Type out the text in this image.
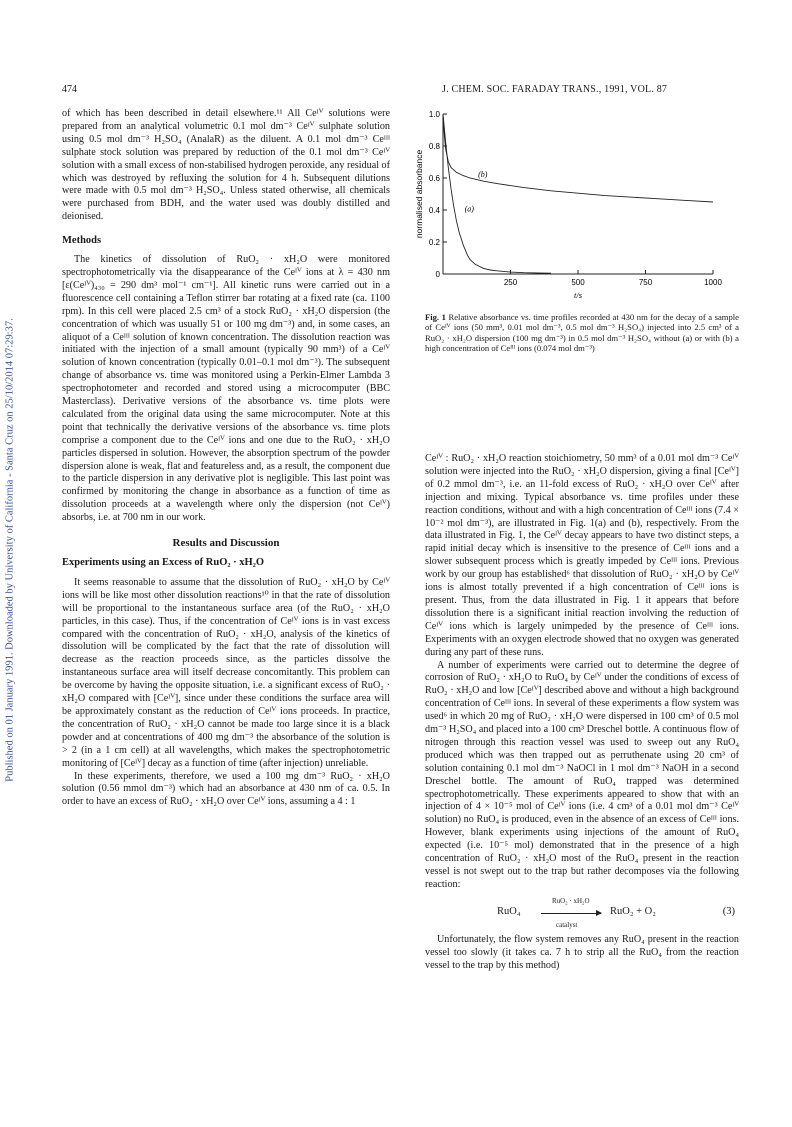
474	J. CHEM. SOC. FARADAY TRANS., 1991, VOL. 87
Published on 01 January 1991. Downloaded by University of California - Santa Cruz on 25/10/2014 07:29:37.

of which has been described in detail elsewhere.¹¹ All Ceᴵⱽ solutions were prepared from an analytical volumetric 0.1 mol dm⁻³ Ceᴵⱽ sulphate solution using 0.5 mol dm⁻³ H₂SO₄ (AnalaR) as the diluent. A 0.1 mol dm⁻³ Ceᴵᴵᴵ sulphate stock solution was prepared by reduction of the 0.1 mol dm⁻³ Ceᴵⱽ solution with a small excess of non-stabilised hydrogen peroxide, any residual of which was destroyed by refluxing the solution for 4 h. Subsequent dilutions were made with 0.5 mol dm⁻³ H₂SO₄. Unless stated otherwise, all chemicals were purchased from BDH, and the water used was doubly distilled and deionised.

Methods

The kinetics of dissolution of RuO₂ · xH₂O were monitored spectrophotometrically via the disappearance of the Ceᴵⱽ ions at λ = 430 nm [ε(Ceᴵⱽ)₄₃₀ = 290 dm³ mol⁻¹ cm⁻¹]. All kinetic runs were carried out in a fluorescence cell containing a Teflon stirrer bar rotating at a fixed rate (ca. 1100 rpm). In this cell were placed 2.5 cm³ of a stock RuO₂ · xH₂O dispersion (the concentration of which was usually 51 or 100 mg dm⁻³) and, in some cases, an aliquot of a Ceᴵᴵᴵ solution of known concentration. The dissolution reaction was initiated with the injection of a small amount (typically 90 mm³) of a Ceᴵⱽ solution of known concentration (typically 0.01–0.1 mol dm⁻³). The subsequent change of absorbance vs. time was monitored using a Perkin-Elmer Lambda 3 spectrophotometer and recorded and stored using a microcomputer (BBC Masterclass). Derivative versions of the absorbance vs. time plots were calculated from the original data using the same microcomputer. Note at this point that technically the derivative versions of the absorbance vs. time plots comprise a component due to the Ceᴵⱽ ions and one due to the RuO₂ · xH₂O particles dispersed in solution. However, the absorption spectrum of the powder dispersion alone is weak, flat and featureless and, as a result, the component due to the particle dispersion in any derivative plot is negligible. This last point was confirmed by monitoring the change in absorbance as a function of time as dissolution proceeds at a wavelength where only the dispersion (not Ceᴵⱽ) absorbs, i.e. at 700 nm in our work.

Results and Discussion
Experiments using an Excess of RuO₂ · xH₂O

It seems reasonable to assume that the dissolution of RuO₂ · xH₂O by Ceᴵⱽ ions will be like most other dissolution reactions¹⁰ in that the rate of dissolution will be proportional to the instantaneous surface area (of the RuO₂ · xH₂O particles, in this case). Thus, if the concentration of Ceᴵⱽ ions is in vast excess compared with the concentration of RuO₂ · xH₂O, analysis of the kinetics of dissolution will be complicated by the fact that the rate of dissolution will decrease as the reaction proceeds since, as the particles dissolve the instantaneous surface area will itself decrease concomitantly. This problem can be overcome by having the opposite situation, i.e. a significant excess of RuO₂ · xH₂O compared with [Ceᴵⱽ], since under these conditions the surface area will be approximately constant as the reduction of Ceᴵⱽ ions proceeds. In practice, the concentration of RuO₂ · xH₂O cannot be made too large since it is a black powder and at concentrations of 400 mg dm⁻³ the absorbance of the solution is > 2 (in a 1 cm cell) at all wavelengths, which makes the spectrophotometric monitoring of [Ceᴵⱽ] decay as a function of time (after injection) unreliable.

In these experiments, therefore, we used a 100 mg dm⁻³ RuO₂ · xH₂O solution (0.56 mmol dm⁻³) which had an absorbance at 430 nm of ca. 0.5. In order to have an excess of RuO₂ · xH₂O over Ceᴵⱽ ions, assuming a 4 : 1

0
0.2
0.4
0.6
0.8
1.0
250	500	750	1000
normalised absorbance
t/s
(b)
(a)
Fig. 1 Relative absorbance vs. time profiles recorded at 430 nm for the decay of a sample of Ceᴵⱽ ions (50 mm³, 0.01 mol dm⁻³, 0.5 mol dm⁻³ H₂SO₄) injected into 2.5 cm³ of a RuO₂ · xH₂O dispersion (100 mg dm⁻³) in 0.5 mol dm⁻³ H₂SO₄ without (a) or with (b) a high concentration of Ceᴵᴵᴵ ions (0.074 mol dm⁻³)

Ceᴵⱽ : RuO₂ · xH₂O reaction stoichiometry, 50 mm³ of a 0.01 mol dm⁻³ Ceᴵⱽ solution were injected into the RuO₂ · xH₂O dispersion, giving a final [Ceᴵⱽ] of 0.2 mmol dm⁻³, i.e. an 11-fold excess of RuO₂ · xH₂O over Ceᴵⱽ after injection and mixing. Typical absorbance vs. time profiles under these reaction conditions, without and with a high concentration of Ceᴵᴵᴵ ions (7.4 × 10⁻² mol dm⁻³), are illustrated in Fig. 1(a) and (b), respectively. From the data illustrated in Fig. 1, the Ceᴵⱽ decay appears to have two distinct steps, a rapid initial decay which is insensitive to the presence of Ceᴵᴵᴵ ions and a slower subsequent process which is greatly impeded by Ceᴵᴵᴵ ions. Previous work by our group has established⁶ that dissolution of RuO₂ · xH₂O by Ceᴵⱽ ions is almost totally prevented if a high concentration of Ceᴵᴵᴵ ions is present. Thus, from the data illustrated in Fig. 1 it appears that before dissolution there is a significant initial reaction involving the reduction of Ceᴵⱽ ions which is largely unimpeded by the presence of Ceᴵᴵᴵ ions. Experiments with an oxygen electrode showed that no oxygen was generated during any part of these runs.

A number of experiments were carried out to determine the degree of corrosion of RuO₂ · xH₂O to RuO₄ by Ceᴵⱽ under the conditions of excess of RuO₂ · xH₂O and low [Ceᴵⱽ] described above and without a high background concentration of Ceᴵᴵᴵ ions. In several of these experiments a flow system was used⁶ in which 20 mg of RuO₂ · xH₂O were dispersed in 100 cm³ of 0.5 mol dm⁻³ H₂SO₄ and placed into a 100 cm³ Dreschel bottle. A continuous flow of nitrogen through this reaction vessel was used to sweep out any RuO₄ produced which was then trapped out as perruthenate using 20 cm³ of solution containing 0.1 mol dm⁻³ NaOCl in 1 mol dm⁻³ NaOH in a second Dreschel bottle. The amount of RuO₄ trapped was determined spectrophotometrically. These experiments appeared to show that with an injection of 4 × 10⁻⁵ mol of Ceᴵⱽ ions (i.e. 4 cm³ of a 0.01 mol dm⁻³ Ceᴵⱽ solution) no RuO₄ is produced, even in the absence of an excess of Ceᴵᴵᴵ ions. However, blank experiments using injections of the amount of RuO₄ expected (i.e. 10⁻⁵ mol) demonstrated that in the presence of a high concentration of RuO₂ · xH₂O most of the RuO₄ present in the reaction vessel is not swept out to the trap but rather decomposes via the following reaction:

RuO₄
RuO₂ · xH₂O
catalyst
RuO₂ + O₂	(3)

Unfortunately, the flow system removes any RuO₄ present in the reaction vessel too slowly (it takes ca. 7 h to strip all the RuO₄ from the reaction vessel to the trap by this method)
